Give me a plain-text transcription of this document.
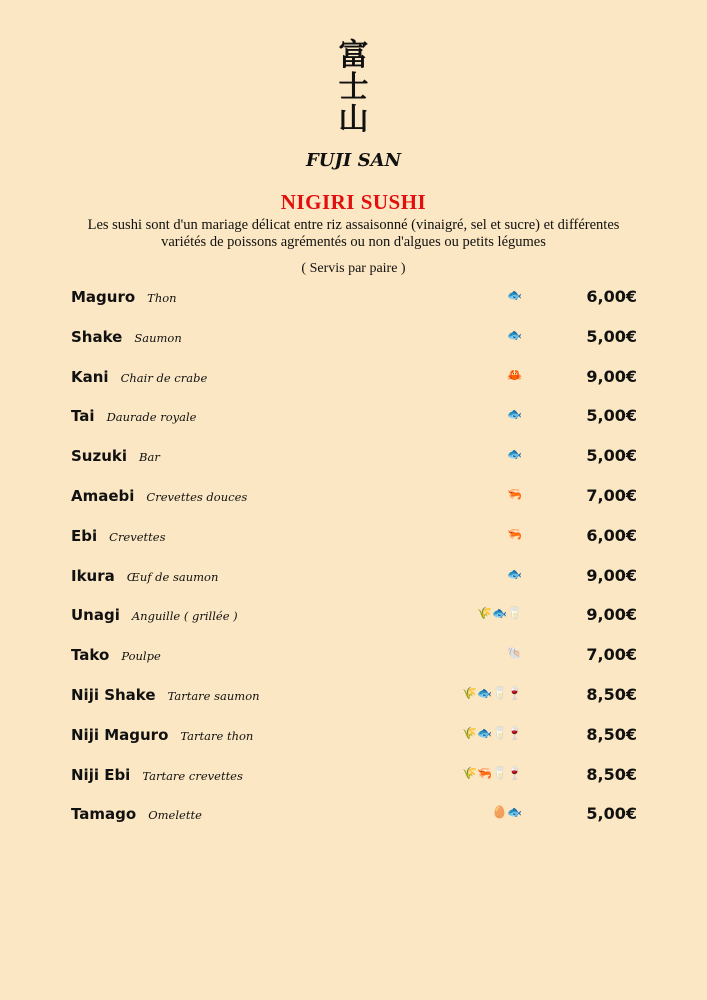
富
士
山
FUJI SAN
NIGIRI SUSHI
Les sushi sont d'un mariage délicat entre riz assaisonné (vinaigré, sel et sucre) et différentes variétés de poissons agrémentés ou non d'algues ou petits légumes
( Servis par paire )
Maguro Thon	🐟	6,00€
Shake Saumon	🐟	5,00€
Kani Chair de crabe	🦀	9,00€
Tai Daurade royale	🐟	5,00€
Suzuki Bar	🐟	5,00€
Amaebi Crevettes douces	🦐	7,00€
Ebi Crevettes	🦐	6,00€
Ikura Œuf de saumon	🐟	9,00€
Unagi Anguille ( grillée )	🌾🐟🥛	9,00€
Tako Poulpe	🐚	7,00€
Niji Shake Tartare saumon	🌾🐟🥛🍷	8,50€
Niji Maguro Tartare thon	🌾🐟🥛🍷	8,50€
Niji Ebi Tartare crevettes	🌾🦐🥛🍷	8,50€
Tamago Omelette	🥚🐟	5,00€
